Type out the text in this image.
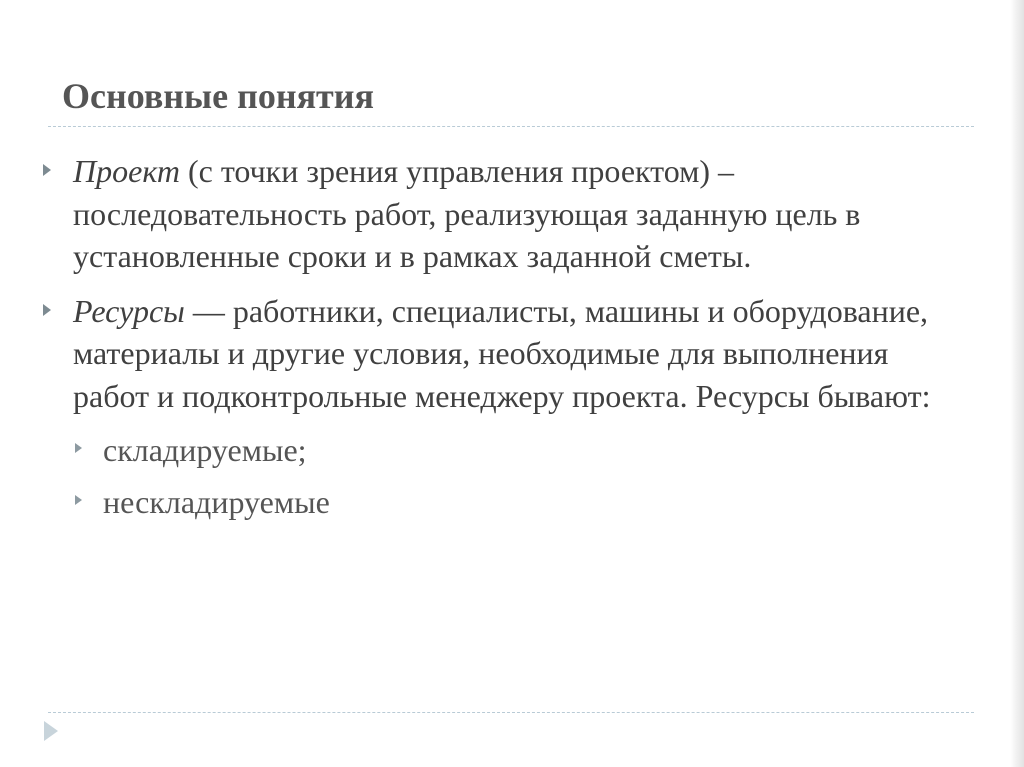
Основные понятия
Проект (с точки зрения управления проектом) – последовательность работ, реализующая заданную цель в установленные сроки и в рамках заданной сметы.
Ресурсы — работники, специалисты, машины и оборудование, материалы и другие условия, необходимые для выполнения работ и подконтрольные менеджеру проекта. Ресурсы бывают:
складируемые;
нескладируемые
